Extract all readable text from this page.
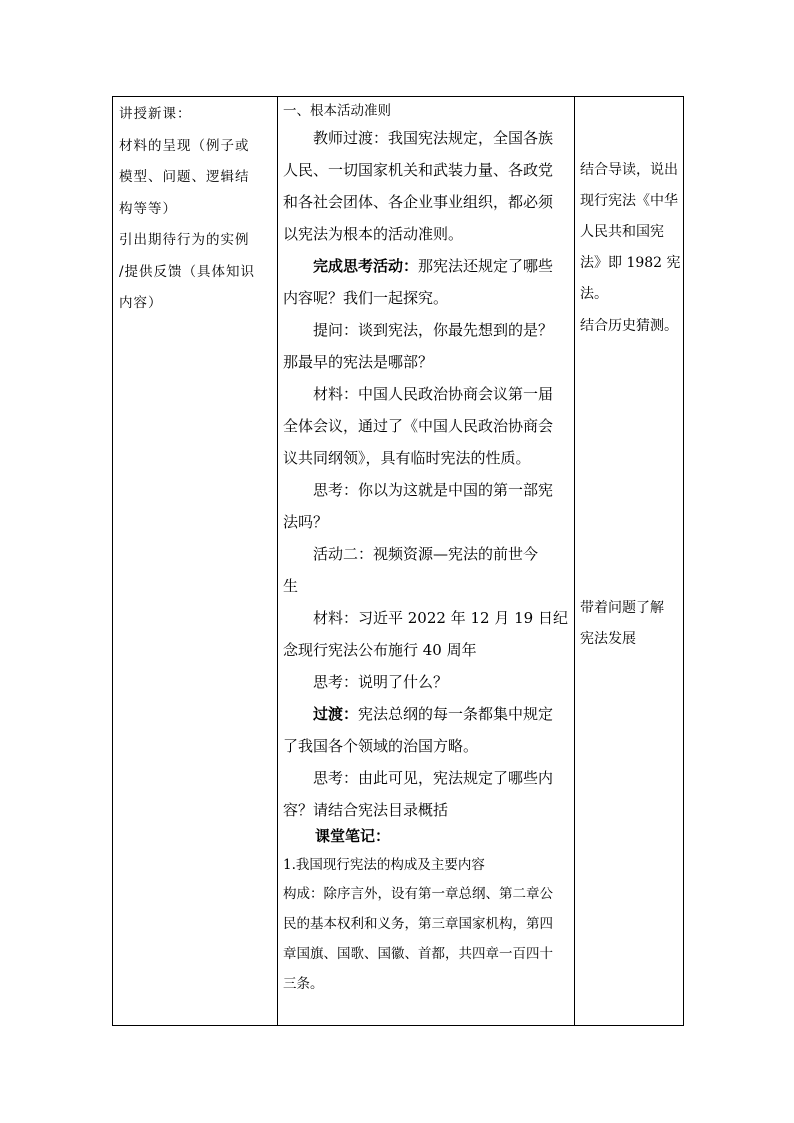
讲授新课：

材料的呈现（例子或

模型、问题、逻辑结

构等等）

引出期待行为的实例

/提供反馈（具体知识

内容）

一、根本活动准则
教师过渡：我国宪法规定，全国各族
人民、一切国家机关和武装力量、各政党
和各社会团体、各企业事业组织，都必须
以宪法为根本的活动准则。
完成思考活动：那宪法还规定了哪些
内容呢？我们一起探究。
提问：谈到宪法，你最先想到的是？
那最早的宪法是哪部？
材料：中国人民政治协商会议第一届
全体会议，通过了《中国人民政治协商会
议共同纲领》，具有临时宪法的性质。
思考：你以为这就是中国的第一部宪
法吗？
活动二：视频资源—宪法的前世今
生
材料：习近平 2022 年 12 月 19 日纪
念现行宪法公布施行 40 周年
思考：说明了什么？
过渡：宪法总纲的每一条都集中规定
了我国各个领域的治国方略。
思考：由此可见，宪法规定了哪些内
容？请结合宪法目录概括
课堂笔记：
1.我国现行宪法的构成及主要内容
构成：除序言外，设有第一章总纲、第二章公
民的基本权利和义务，第三章国家机构，第四
章国旗、国歌、国徽、首都，共四章一百四十
三条。
结合导读，说出
现行宪法《中华
人民共和国宪
法》即 1982 宪
法。
结合历史猜测。
带着问题了解
宪法发展
